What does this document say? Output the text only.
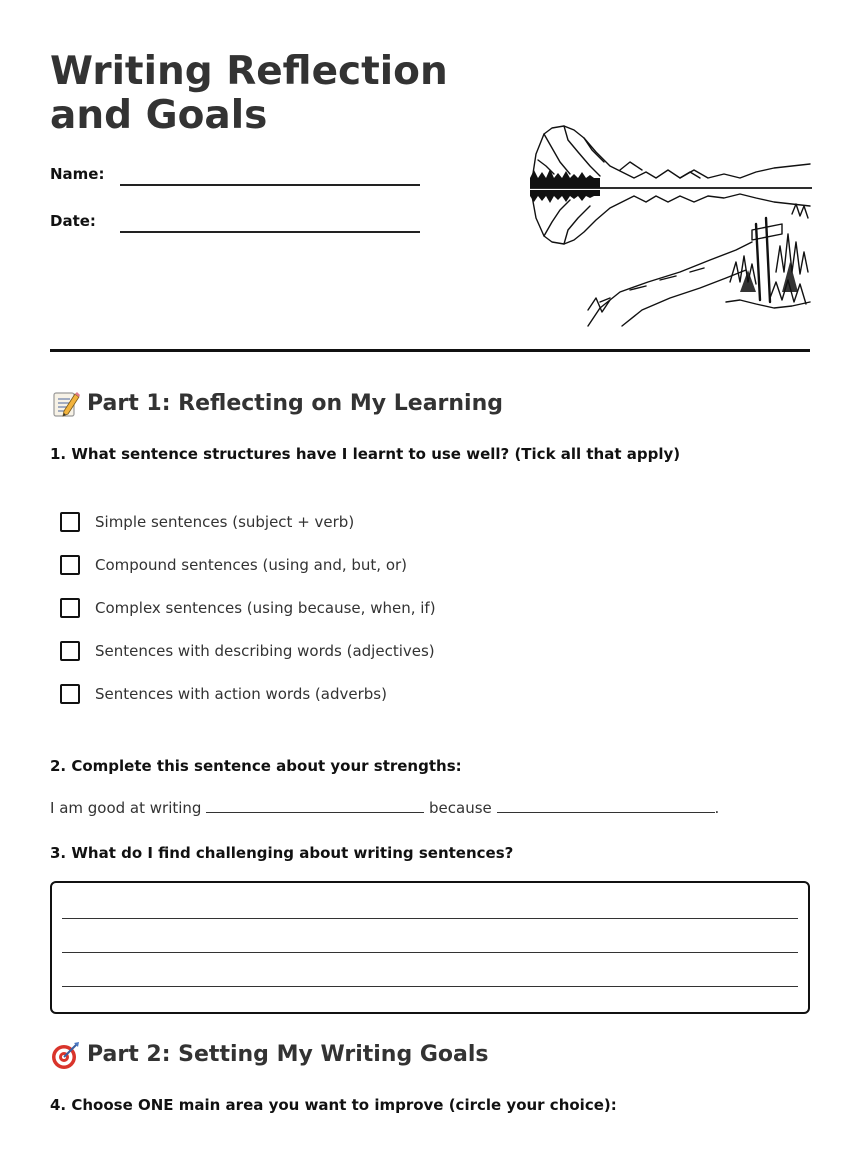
Writing Reflection and Goals
Name:
Date:
Part 1: Reflecting on My Learning

1. What sentence structures have I learnt to use well? (Tick all that apply)

Simple sentences (subject + verb)
Compound sentences (using and, but, or)
Complex sentences (using because, when, if)
Sentences with describing words (adjectives)
Sentences with action words (adverbs)

2. Complete this sentence about your strengths:

I am good at writing	because	.

3. What do I find challenging about writing sentences?

Part 2: Setting My Writing Goals

4. Choose ONE main area you want to improve (circle your choice):
